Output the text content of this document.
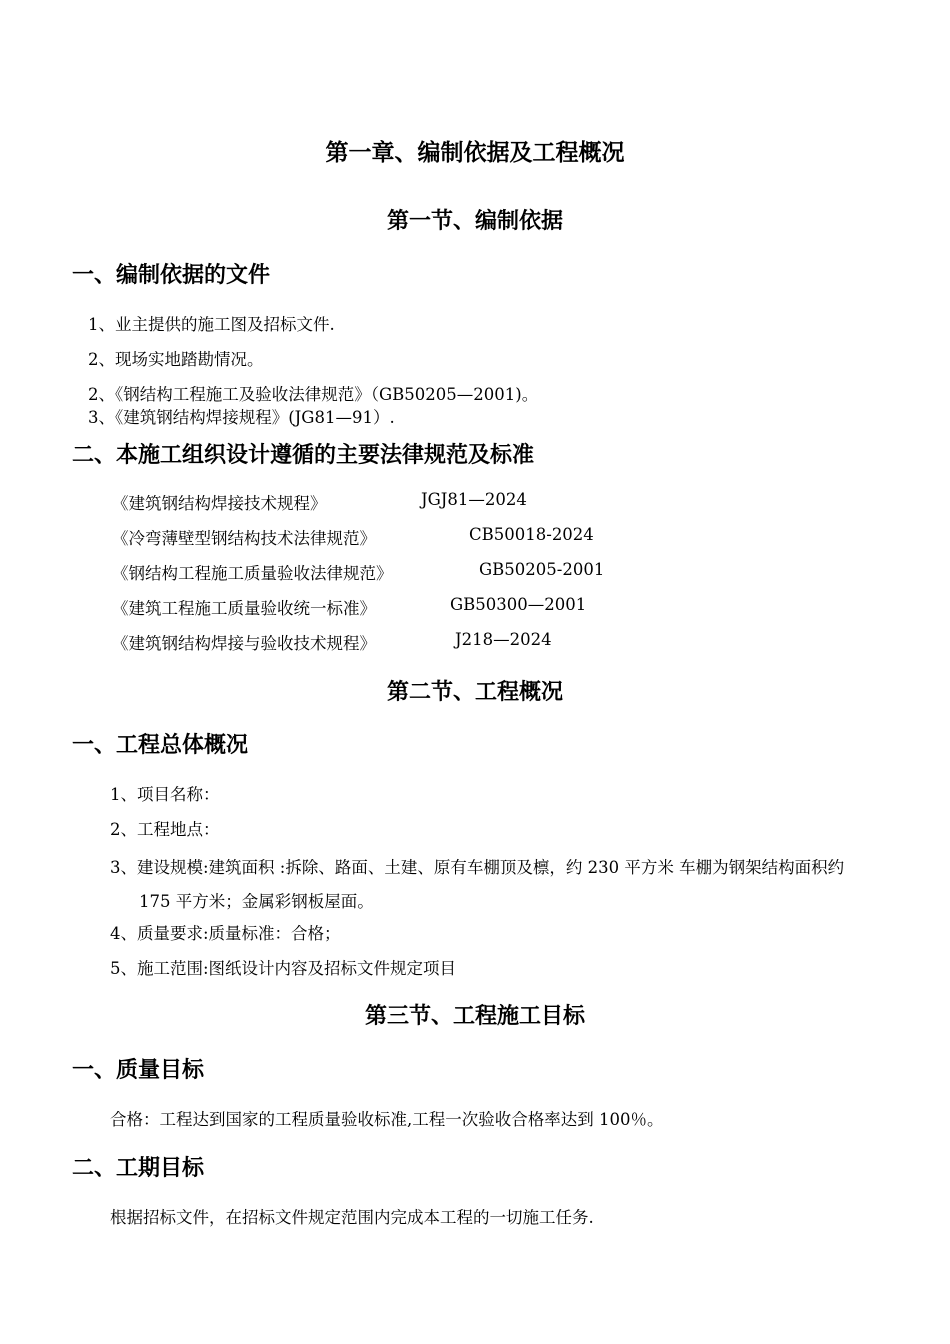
第一章、编制依据及工程概况
第一节、编制依据
一、编制依据的文件

1、业主提供的施工图及招标文件.

2、现场实地踏勘情况。

2、《钢结构工程施工及验收法律规范》（GB50205—2001)。

3、《建筑钢结构焊接规程》(JG81—91）.

二、本施工组织设计遵循的主要法律规范及标准
《建筑钢结构焊接技术规程》	JGJ81—2024
《冷弯薄壁型钢结构技术法律规范》	CB50018-2024
《钢结构工程施工质量验收法律规范》	GB50205-2001
《建筑工程施工质量验收统一标准》	GB50300—2001
《建筑钢结构焊接与验收技术规程》	J218—2024
第二节、工程概况
一、工程总体概况

1、项目名称：

2、工程地点：

3、建设规模:建筑面积 :拆除、路面、土建、原有车棚顶及檩，约 230 平方米 车棚为钢架结构面积约 175 平方米；金属彩钢板屋面。

4、质量要求:质量标准：合格；

5、施工范围:图纸设计内容及招标文件规定项目

第三节、工程施工目标
一、质量目标

合格：工程达到国家的工程质量验收标准,工程一次验收合格率达到 100％。

二、工期目标

根据招标文件，在招标文件规定范围内完成本工程的一切施工任务.
